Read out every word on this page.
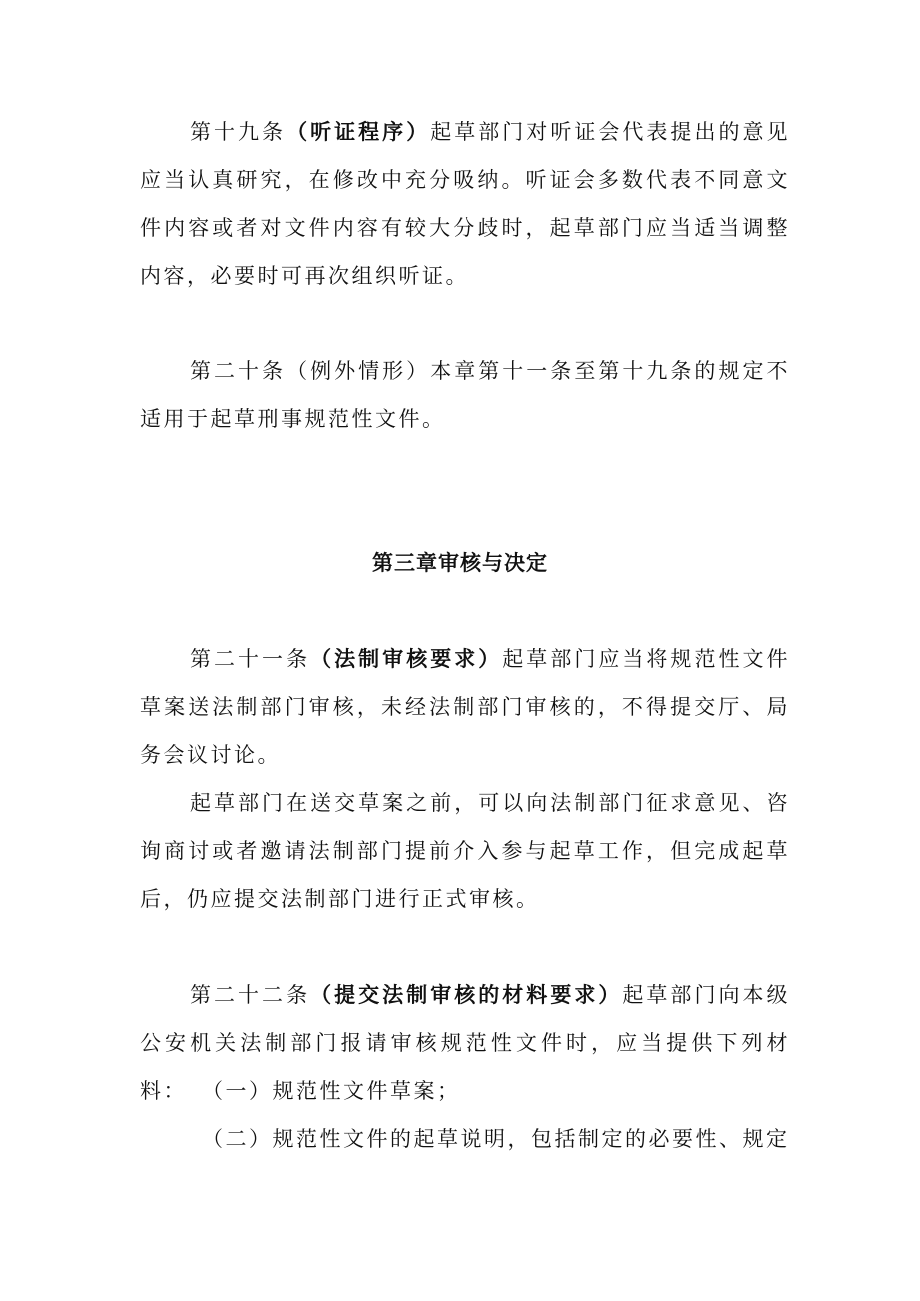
第十九条（听证程序）起草部门对听证会代表提出的意见应当认真研究，在修改中充分吸纳。听证会多数代表不同意文件内容或者对文件内容有较大分歧时，起草部门应当适当调整内容，必要时可再次组织听证。

第二十条（例外情形）本章第十一条至第十九条的规定不适用于起草刑事规范性文件。

第三章审核与决定

第二十一条（法制审核要求）起草部门应当将规范性文件草案送法制部门审核，未经法制部门审核的，不得提交厅、局务会议讨论。

起草部门在送交草案之前，可以向法制部门征求意见、咨询商讨或者邀请法制部门提前介入参与起草工作，但完成起草后，仍应提交法制部门进行正式审核。

第二十二条（提交法制审核的材料要求）起草部门向本级公安机关法制部门报请审核规范性文件时，应当提供下列材料： （一）规范性文件草案；

（二）规范性文件的起草说明，包括制定的必要性、规定
